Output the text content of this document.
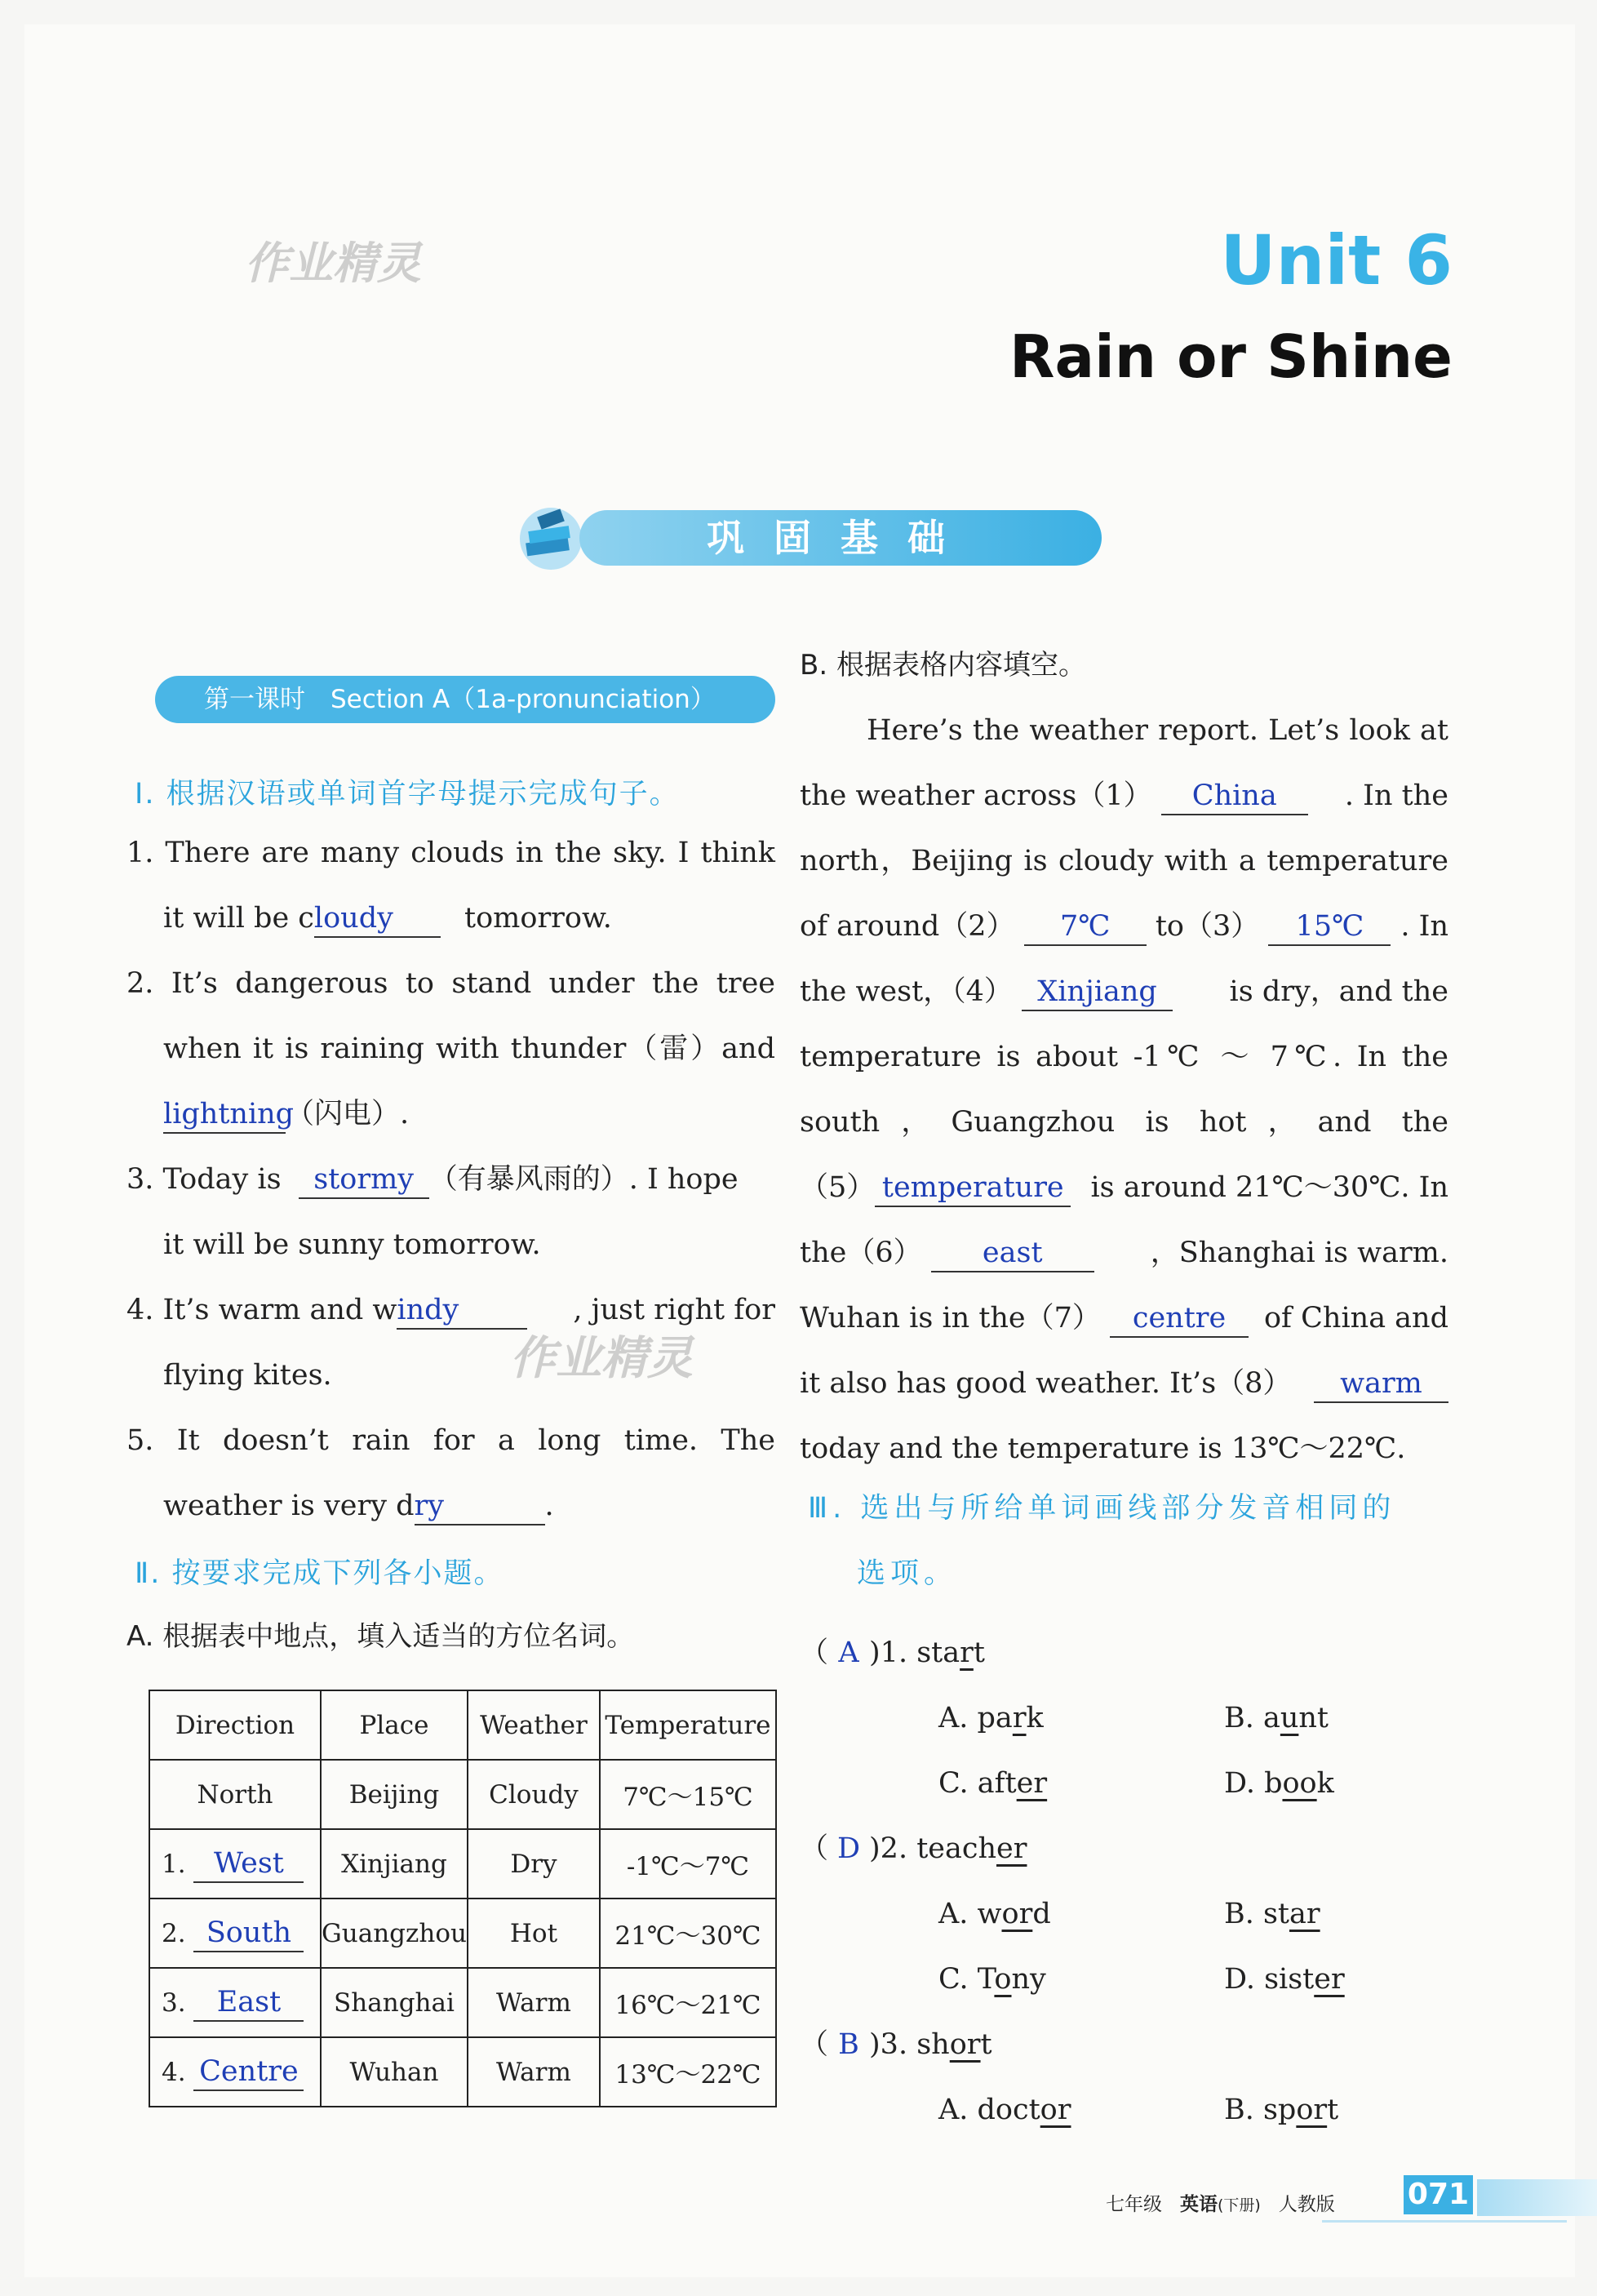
作业精灵	Unit 6
Rain or Shine
巩固基础
第一课时　Section A（1a-pronunciation）
Ⅰ. 根据汉语或单词首字母提示完成句子。
1. There are many clouds in the sky. I think
it will be cloudy tomorrow.
2. It’s dangerous to stand under the tree
when it is raining with thunder（雷）and
lightning（闪电）.
3. Today is stormy （有暴风雨的）. I hope
it will be sunny tomorrow.
4. It’s warm and windy	, just right for
flying kites.	作业精灵
5. It doesn’t rain for a long time. The
weather is very dry	.
Ⅱ. 按要求完成下列各小题。
A. 根据表中地点，填入适当的方位名词。
Direction	Place	Weather	Temperature
North	Beijing	Cloudy	7℃～15℃
1. West	Xinjiang	Dry	-1℃～7℃
2. South	Guangzhou	Hot	21℃～30℃
3. East	Shanghai	Warm	16℃～21℃
4. Centre	Wuhan	Warm	13℃～22℃
B. 根据表格内容填空。
Here’s the weather report. Let’s look at
the weather across（1） China . In the
north，Beijing is cloudy with a temperature
of around（2） 7℃ to（3） 15℃ . In
the west，（4） Xinjiang	is dry，and the
temperature is about -1℃ ～ 7℃. In the
south，Guangzhou is hot，and the
（5） temperature is around 21℃～30℃. In
the（6） east	，Shanghai is warm.
Wuhan is in the（7） centre of China and
it also has good weather. It’s（8）	warm
today and the temperature is 13℃～22℃.
Ⅲ. 选出与所给单词画线部分发音相同的
选项。
（ A )1. start
A. park	B. aunt
C. after	D. book
（ D )2. teacher
A. word	B. star
C. Tony	D. sister
（ B )3. short
A. doctor	B. sport
七年级 英语(下册) 人教版 071
